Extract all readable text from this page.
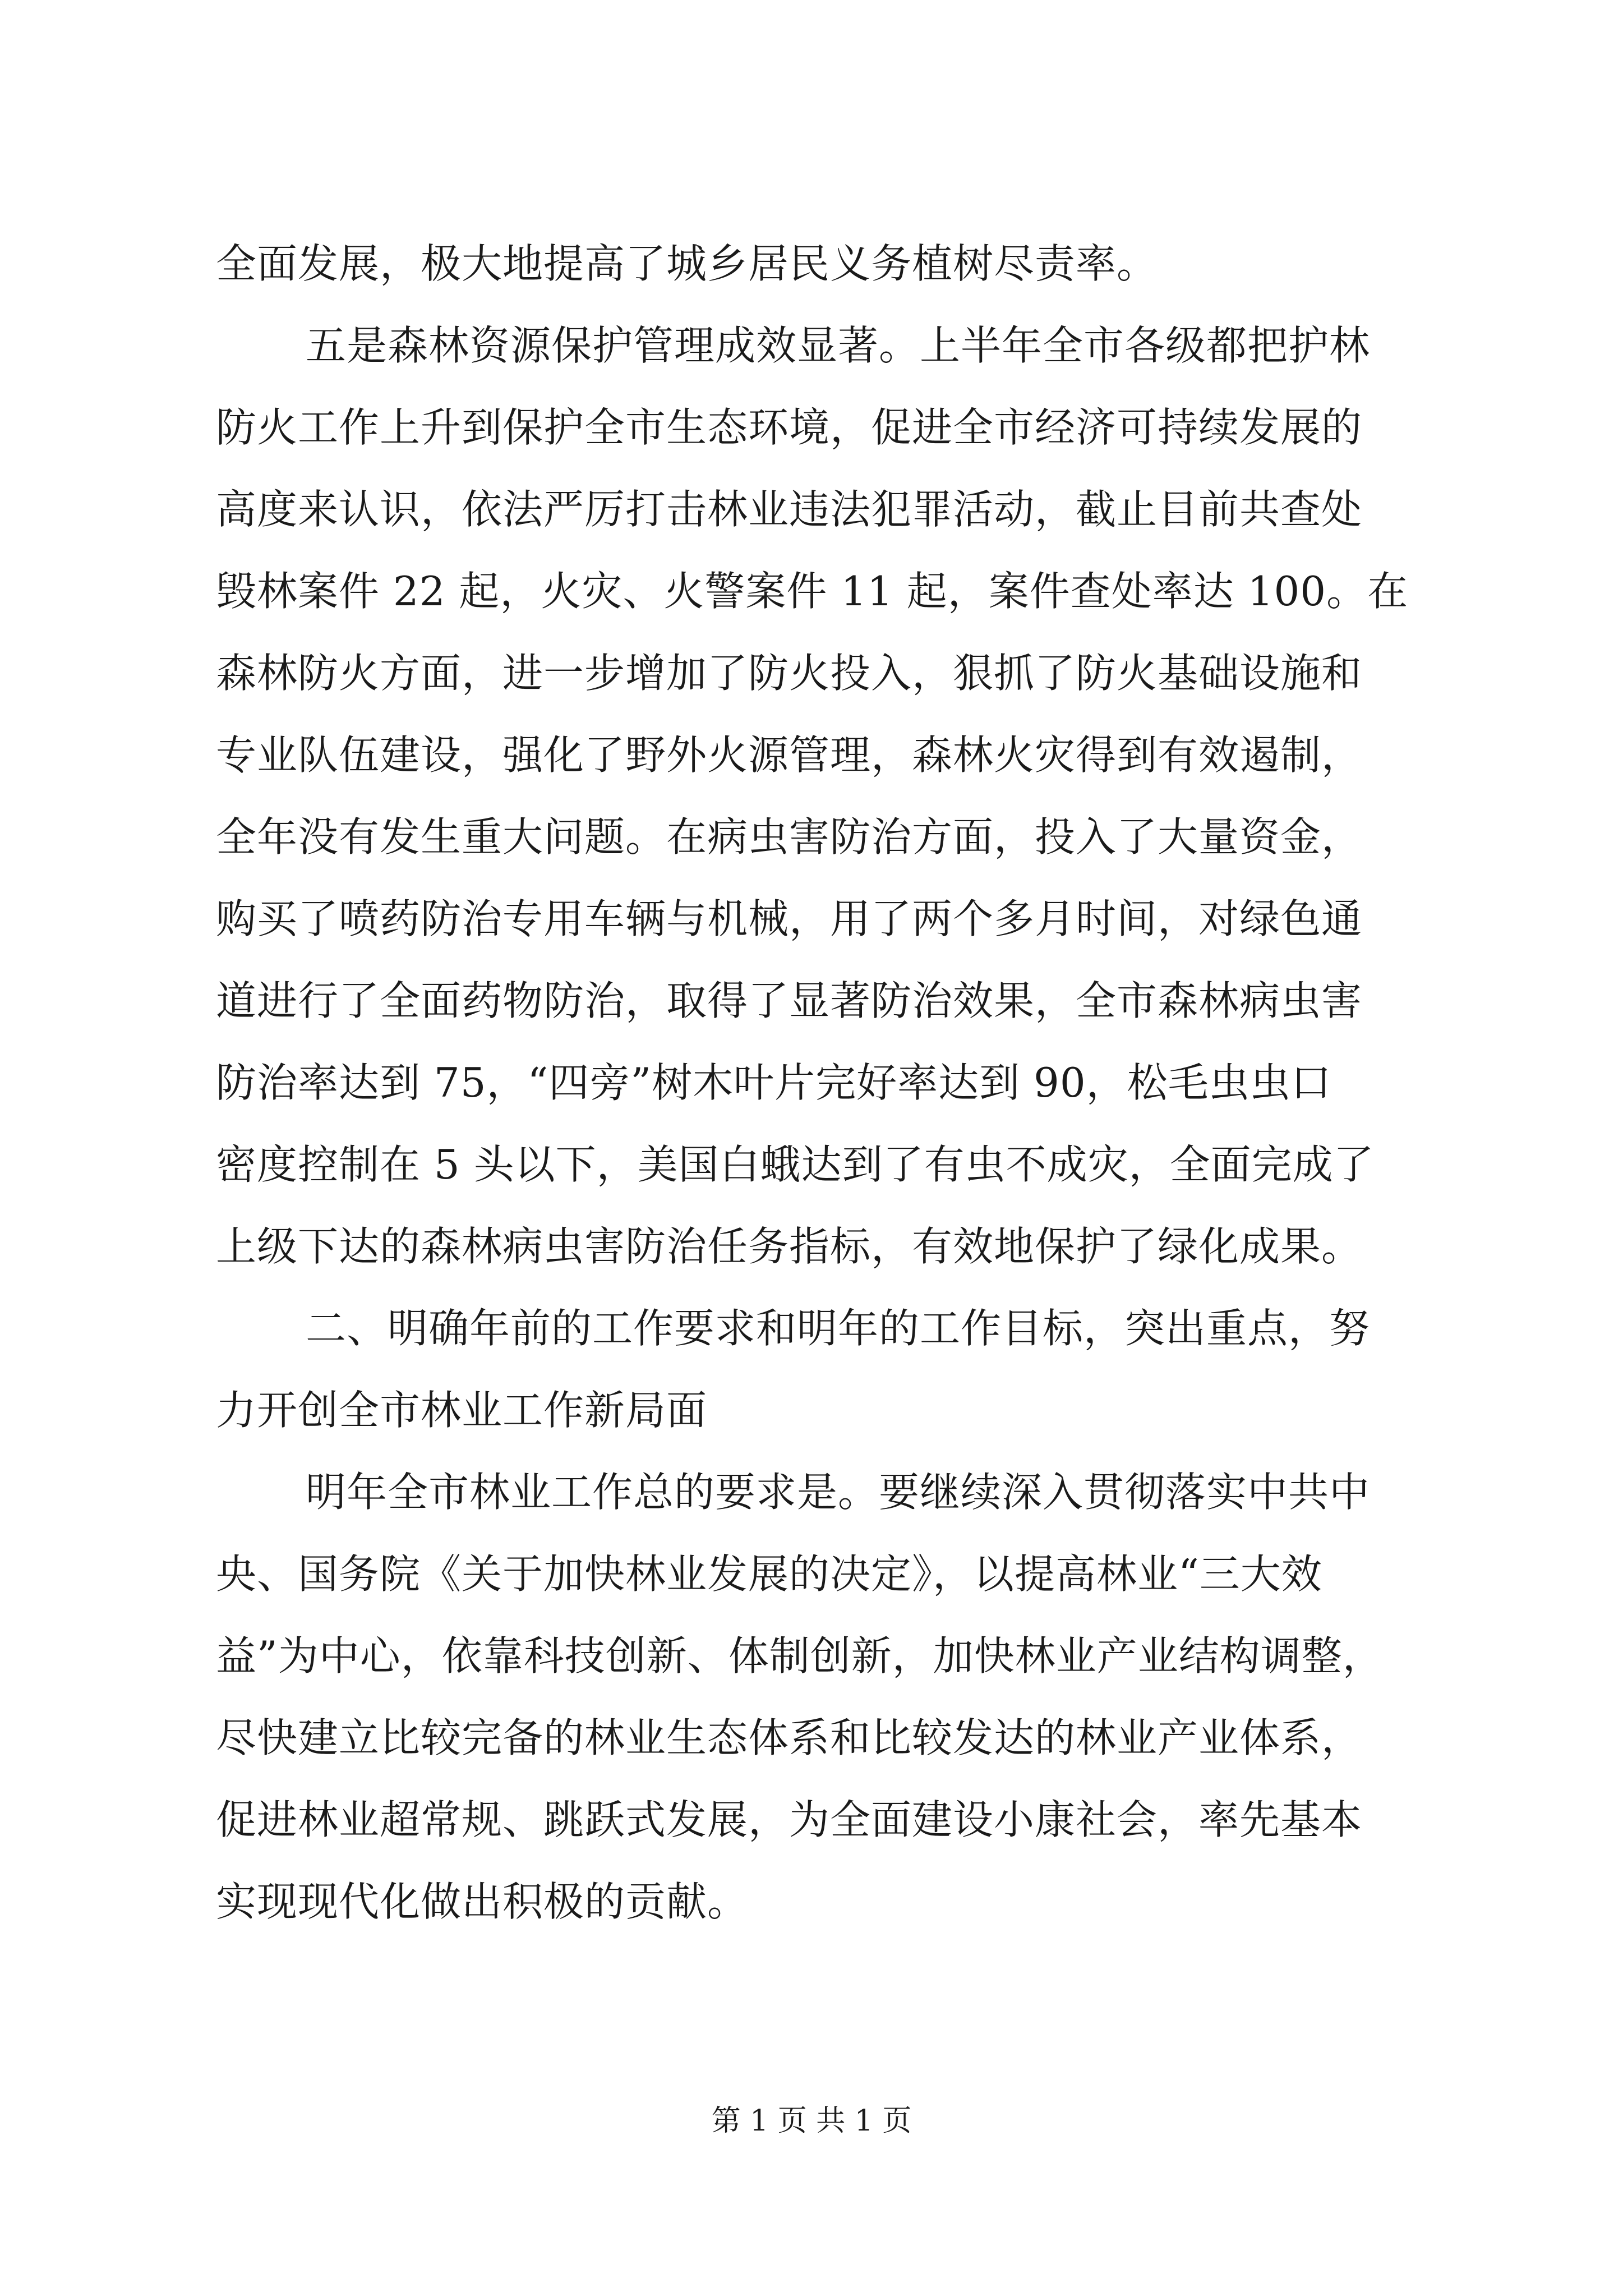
全面发展，极大地提高了城乡居民义务植树尽责率。
五是森林资源保护管理成效显著。上半年全市各级都把护林
防火工作上升到保护全市生态环境，促进全市经济可持续发展的
高度来认识，依法严厉打击林业违法犯罪活动，截止目前共查处
毁林案件 22 起，火灾、火警案件 11 起，案件查处率达 100。在
森林防火方面，进一步增加了防火投入，狠抓了防火基础设施和
专业队伍建设，强化了野外火源管理，森林火灾得到有效遏制，
全年没有发生重大问题。在病虫害防治方面，投入了大量资金，
购买了喷药防治专用车辆与机械，用了两个多月时间，对绿色通
道进行了全面药物防治，取得了显著防治效果，全市森林病虫害
防治率达到 75，“四旁”树木叶片完好率达到 90，松毛虫虫口
密度控制在 5 头以下，美国白蛾达到了有虫不成灾，全面完成了
上级下达的森林病虫害防治任务指标，有效地保护了绿化成果。
二、明确年前的工作要求和明年的工作目标，突出重点，努
力开创全市林业工作新局面
明年全市林业工作总的要求是。要继续深入贯彻落实中共中
央、国务院《关于加快林业发展的决定》，以提高林业“三大效
益”为中心，依靠科技创新、体制创新，加快林业产业结构调整，
尽快建立比较完备的林业生态体系和比较发达的林业产业体系，
促进林业超常规、跳跃式发展，为全面建设小康社会，率先基本
实现现代化做出积极的贡献。
第 1 页 共 1 页
